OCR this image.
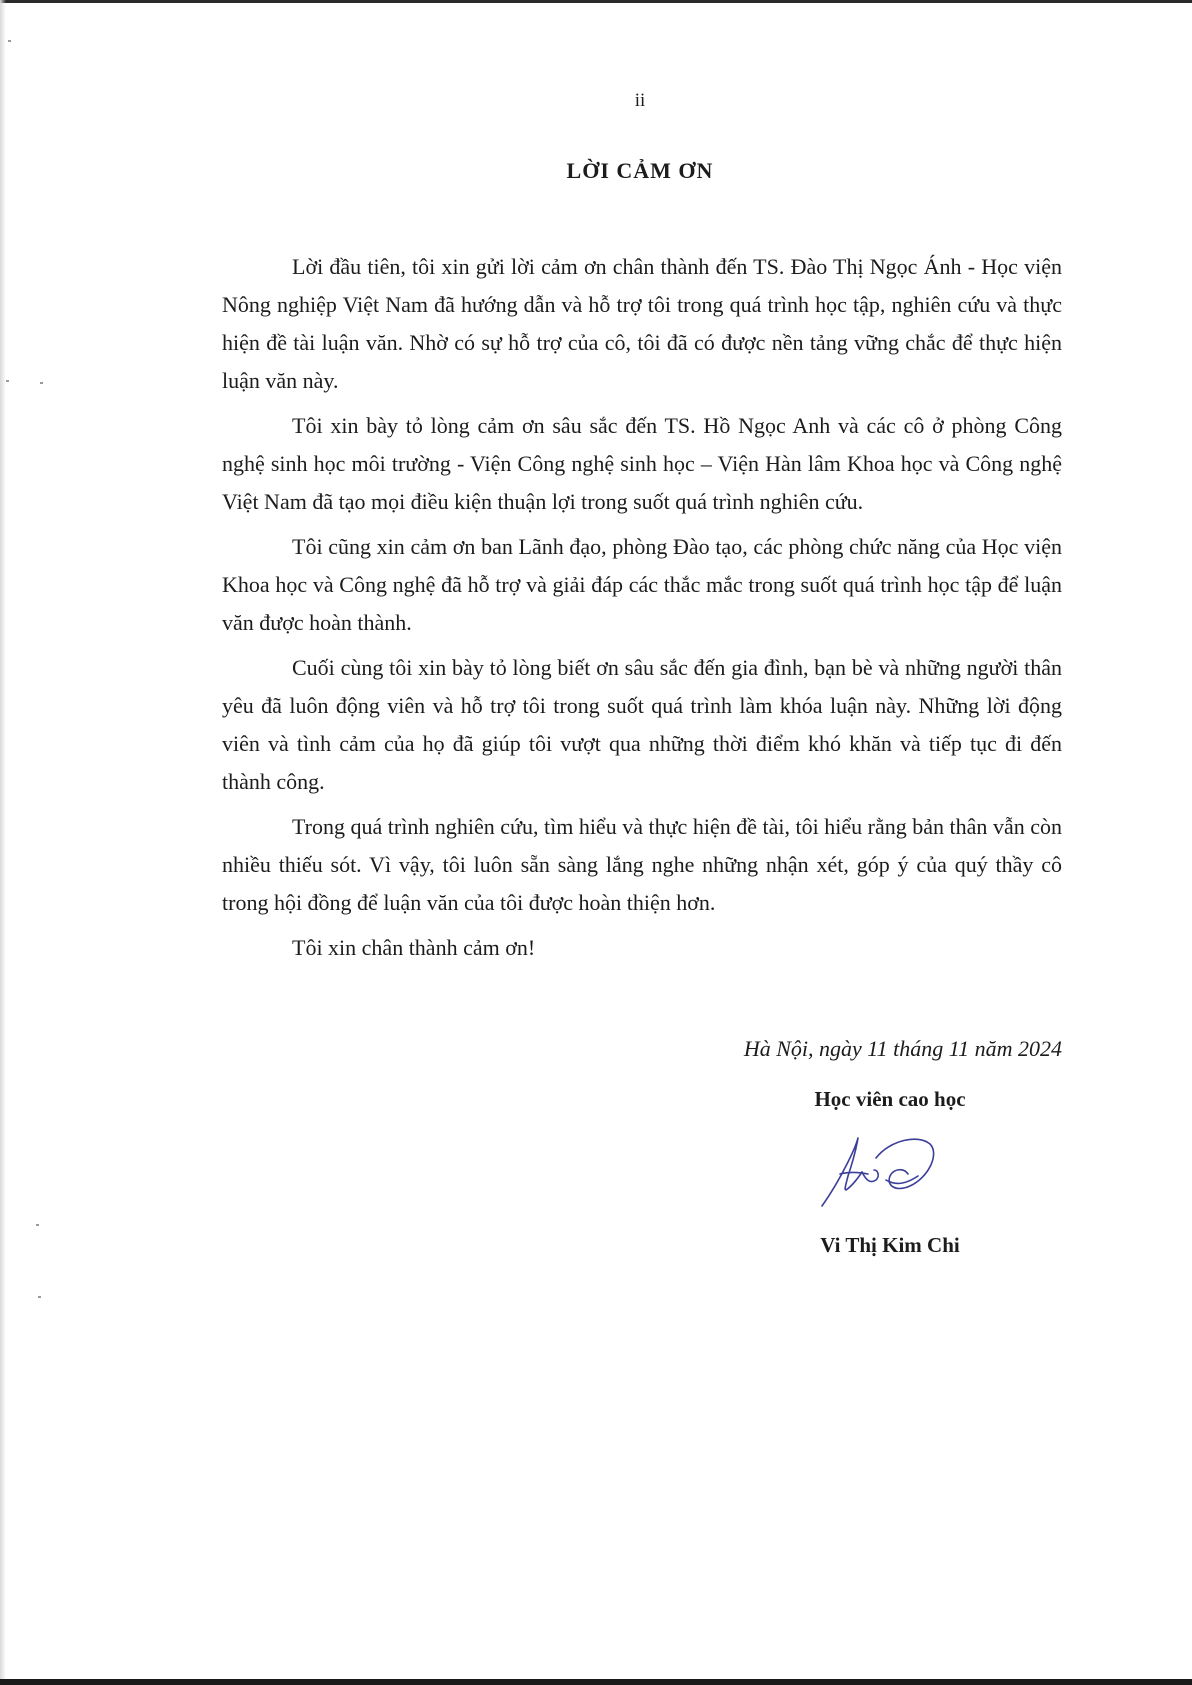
ii
LỜI CẢM ƠN

Lời đầu tiên, tôi xin gửi lời cảm ơn chân thành đến TS. Đào Thị Ngọc Ánh - Học viện Nông nghiệp Việt Nam đã hướng dẫn và hỗ trợ tôi trong quá trình học tập, nghiên cứu và thực hiện đề tài luận văn. Nhờ có sự hỗ trợ của cô, tôi đã có được nền tảng vững chắc để thực hiện luận văn này.

Tôi xin bày tỏ lòng cảm ơn sâu sắc đến TS. Hồ Ngọc Anh và các cô ở phòng Công nghệ sinh học môi trường - Viện Công nghệ sinh học – Viện Hàn lâm Khoa học và Công nghệ Việt Nam đã tạo mọi điều kiện thuận lợi trong suốt quá trình nghiên cứu.

Tôi cũng xin cảm ơn ban Lãnh đạo, phòng Đào tạo, các phòng chức năng của Học viện Khoa học và Công nghệ đã hỗ trợ và giải đáp các thắc mắc trong suốt quá trình học tập để luận văn được hoàn thành.

Cuối cùng tôi xin bày tỏ lòng biết ơn sâu sắc đến gia đình, bạn bè và những người thân yêu đã luôn động viên và hỗ trợ tôi trong suốt quá trình làm khóa luận này. Những lời động viên và tình cảm của họ đã giúp tôi vượt qua những thời điểm khó khăn và tiếp tục đi đến thành công.

Trong quá trình nghiên cứu, tìm hiểu và thực hiện đề tài, tôi hiểu rằng bản thân vẫn còn nhiều thiếu sót. Vì vậy, tôi luôn sẵn sàng lắng nghe những nhận xét, góp ý của quý thầy cô trong hội đồng để luận văn của tôi được hoàn thiện hơn.

Tôi xin chân thành cảm ơn!

Hà Nội, ngày 11 tháng 11 năm 2024
Học viên cao học
Vi Thị Kim Chi
